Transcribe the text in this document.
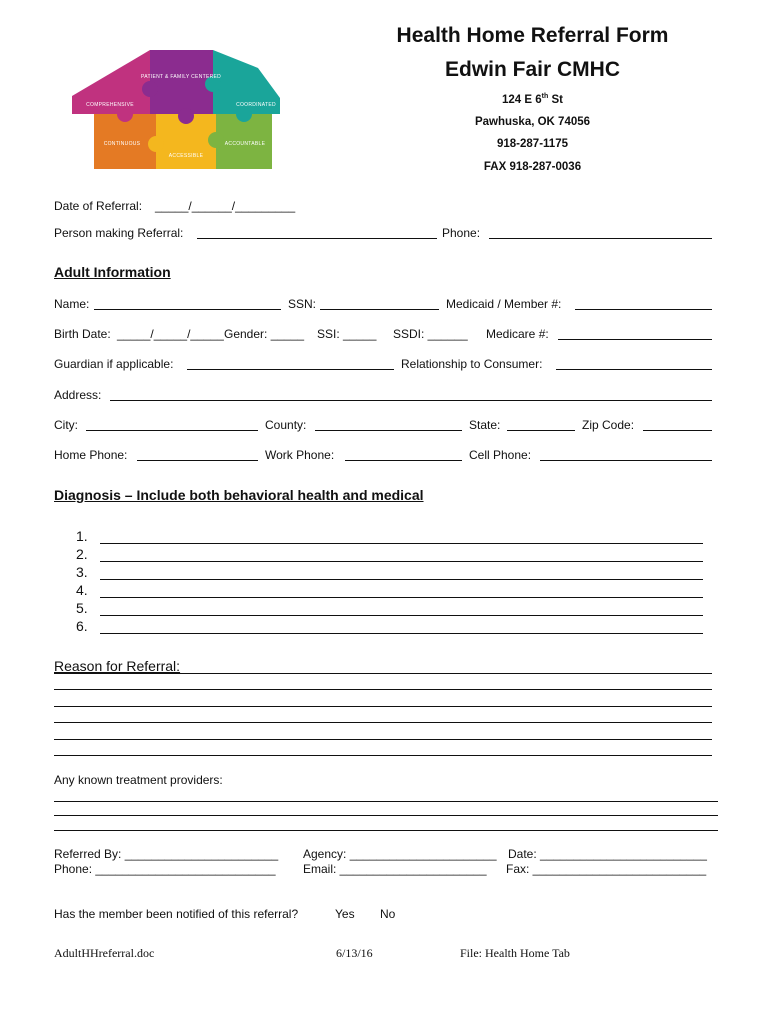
PATIENT & FAMILY CENTERED
COMPREHENSIVE	COORDINATED
CONTINUOUS
ACCESSIBLE
ACCOUNTABLE
Health Home Referral Form
Edwin Fair CMHC
124 E 6th St
Pawhuska, OK 74056
918-287-1175
FAX 918-287-0036
Date of Referral: _____/______/_________
Person making Referral:	Phone:
Adult Information
Name:	SSN:	Medicaid / Member #:
Birth Date: _____/_____/_____ Gender: _____ SSI: _____ SSDI: ______ Medicare #:
Guardian if applicable:	Relationship to Consumer:
Address:
City:	County:	State:	Zip Code:
Home Phone:	Work Phone:	Cell Phone:
Diagnosis – Include both behavioral health and medical
1.
2.
3.
4.
5.
6.
Reason for Referral:
Any known treatment providers:
Referred By: _______________________ Agency: ______________________ Date: _________________________
Phone: ___________________________ Email: ______________________ Fax: __________________________
Has the member been notified of this referral?	Yes No
AdultHHreferral.doc	6/13/16	File: Health Home Tab
